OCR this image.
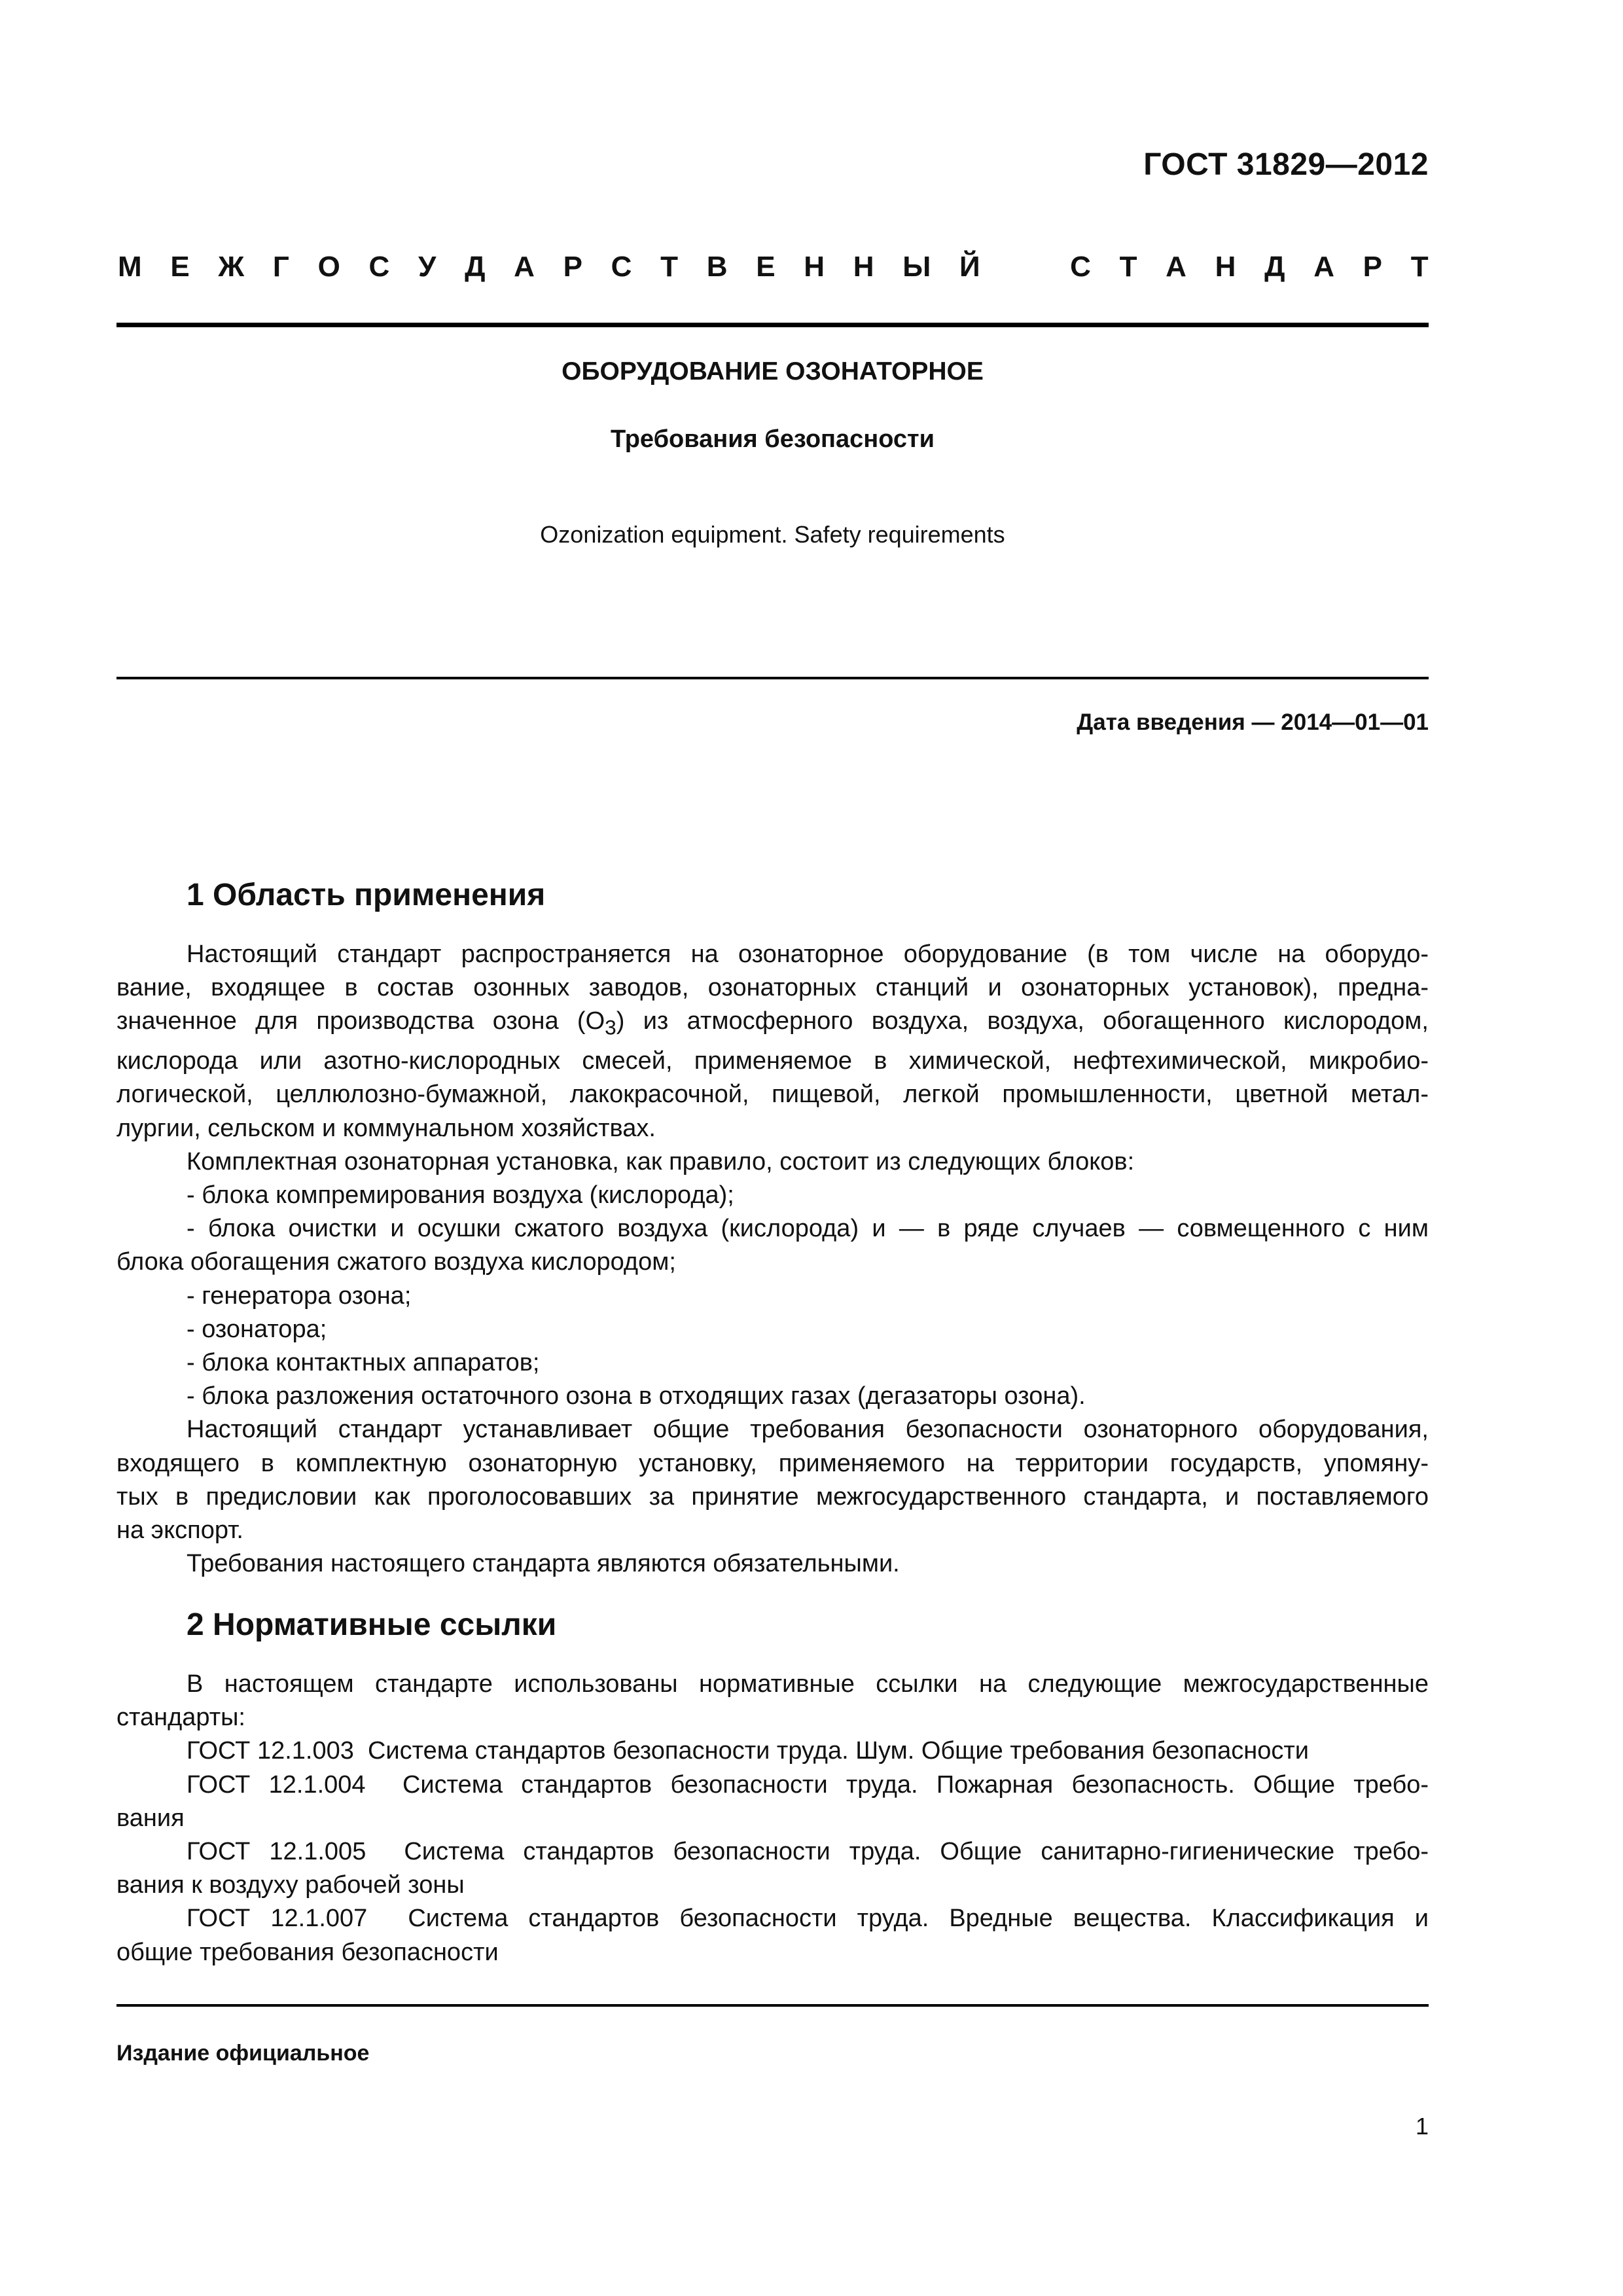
ГОСТ 31829—2012
М Е Ж Г О С У Д А Р С Т В Е Н Н Ы Й	С Т А Н Д А Р Т
ОБОРУДОВАНИЕ ОЗОНАТОРНОЕ
Требования безопасности
Ozonization equipment. Safety requirements
Дата введения — 2014—01—01
1 Область применения

Настоящий стандарт распространяется на озонаторное оборудование (в том числе на оборудо-

вание, входящее в состав озонных заводов, озонаторных станций и озонаторных установок), предна-

значенное для производства озона $(О_3)$ из атмосферного воздуха, воздуха, обогащенного кислородом,

кислорода или азотно-кислородных смесей, применяемое в химической, нефтехимической, микробио-

логической, целлюлозно-бумажной, лакокрасочной, пищевой, легкой промышленности, цветной метал-

лургии, сельском и коммунальном хозяйствах.

Комплектная озонаторная установка, как правило, состоит из следующих блоков:

- блока компремирования воздуха (кислорода);

- блока очистки и осушки сжатого воздуха (кислорода) и — в ряде случаев — совмещенного с ним

блока обогащения сжатого воздуха кислородом;

- генератора озона;

- озонатора;

- блока контактных аппаратов;

- блока разложения остаточного озона в отходящих газах (дегазаторы озона).

Настоящий стандарт устанавливает общие требования безопасности озонаторного оборудования,

входящего в комплектную озонаторную установку, применяемого на территории государств, упомяну-

тых в предисловии как проголосовавших за принятие межгосударственного стандарта, и поставляемого

на экспорт.

Требования настоящего стандарта являются обязательными.

2 Нормативные ссылки

В настоящем стандарте использованы нормативные ссылки на следующие межгосударственные

стандарты:

ГОСТ 12.1.003  Система стандартов безопасности труда. Шум. Общие требования безопасности

ГОСТ 12.1.004  Система стандартов безопасности труда. Пожарная безопасность. Общие требо-

вания

ГОСТ 12.1.005  Система стандартов безопасности труда. Общие санитарно-гигиенические требо-

вания к воздуху рабочей зоны

ГОСТ 12.1.007  Система стандартов безопасности труда. Вредные вещества. Классификация и

общие требования безопасности

Издание официальное
1
